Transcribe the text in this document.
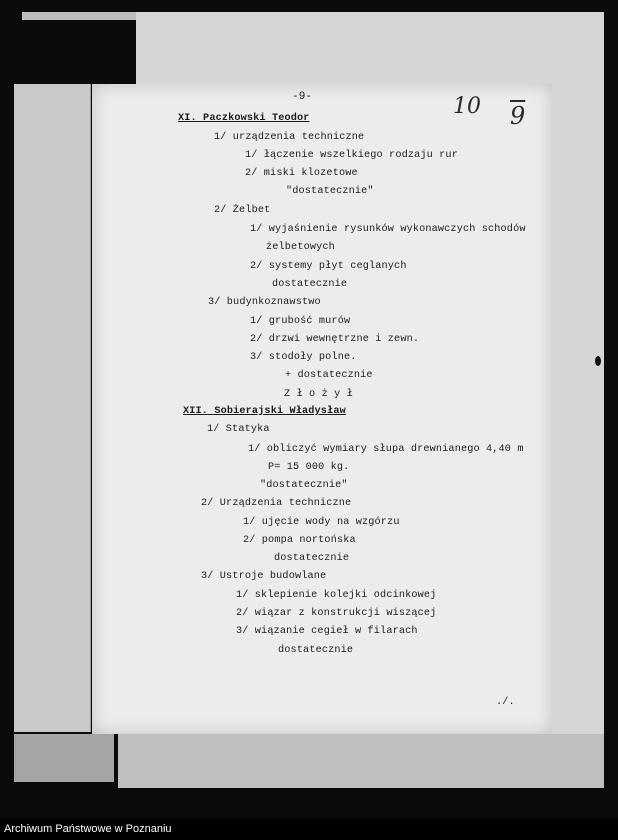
-9-	10 9
XI. Paczkowski Teodor
1/ urządzenia techniczne
1/ łączenie wszelkiego rodzaju rur
2/ miski klozetowe
"dostatecznie"
2/ Żelbet
1/ wyjaśnienie rysunków wykonawczych schodów
żelbetowych
2/ systemy płyt ceglanych
dostatecznie
3/ budynkoznawstwo
1/ grubość murów
2/ drzwi wewnętrzne i zewn.
3/ stodoły polne.
+ dostatecznie
Z ł o ż y ł
XII. Sobierajski Władysław
1/ Statyka
1/ obliczyć wymiary słupa drewnianego 4,40 m
P= 15 000 kg.
"dostatecznie"
2/ Urządzenia techniczne
1/ ujęcie wody na wzgórzu
2/ pompa nortońska
dostatecznie
3/ Ustroje budowlane
1/ sklepienie kolejki odcinkowej
2/ wiązar z konstrukcji wiszącej
3/ wiązanie cegieł w filarach
dostatecznie
./.
Archiwum Państwowe w Poznaniu
